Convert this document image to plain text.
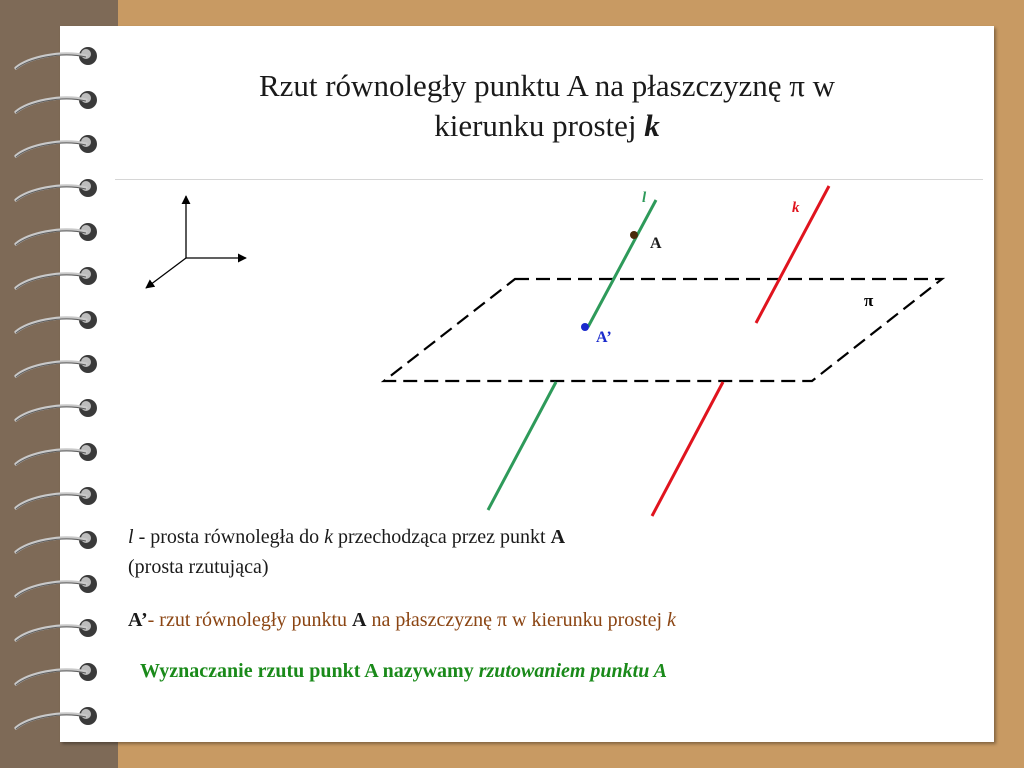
Rzut równoległy punktu A na płaszczyznę π w
kierunku prostej k
l
k
A
A’
π
l - prosta równoległa do k przechodząca przez punkt A
(prosta rzutująca)
A’- rzut równoległy punktu A na płaszczyznę π w kierunku prostej k
Wyznaczanie rzutu punkt A nazywamy rzutowaniem punktu A
